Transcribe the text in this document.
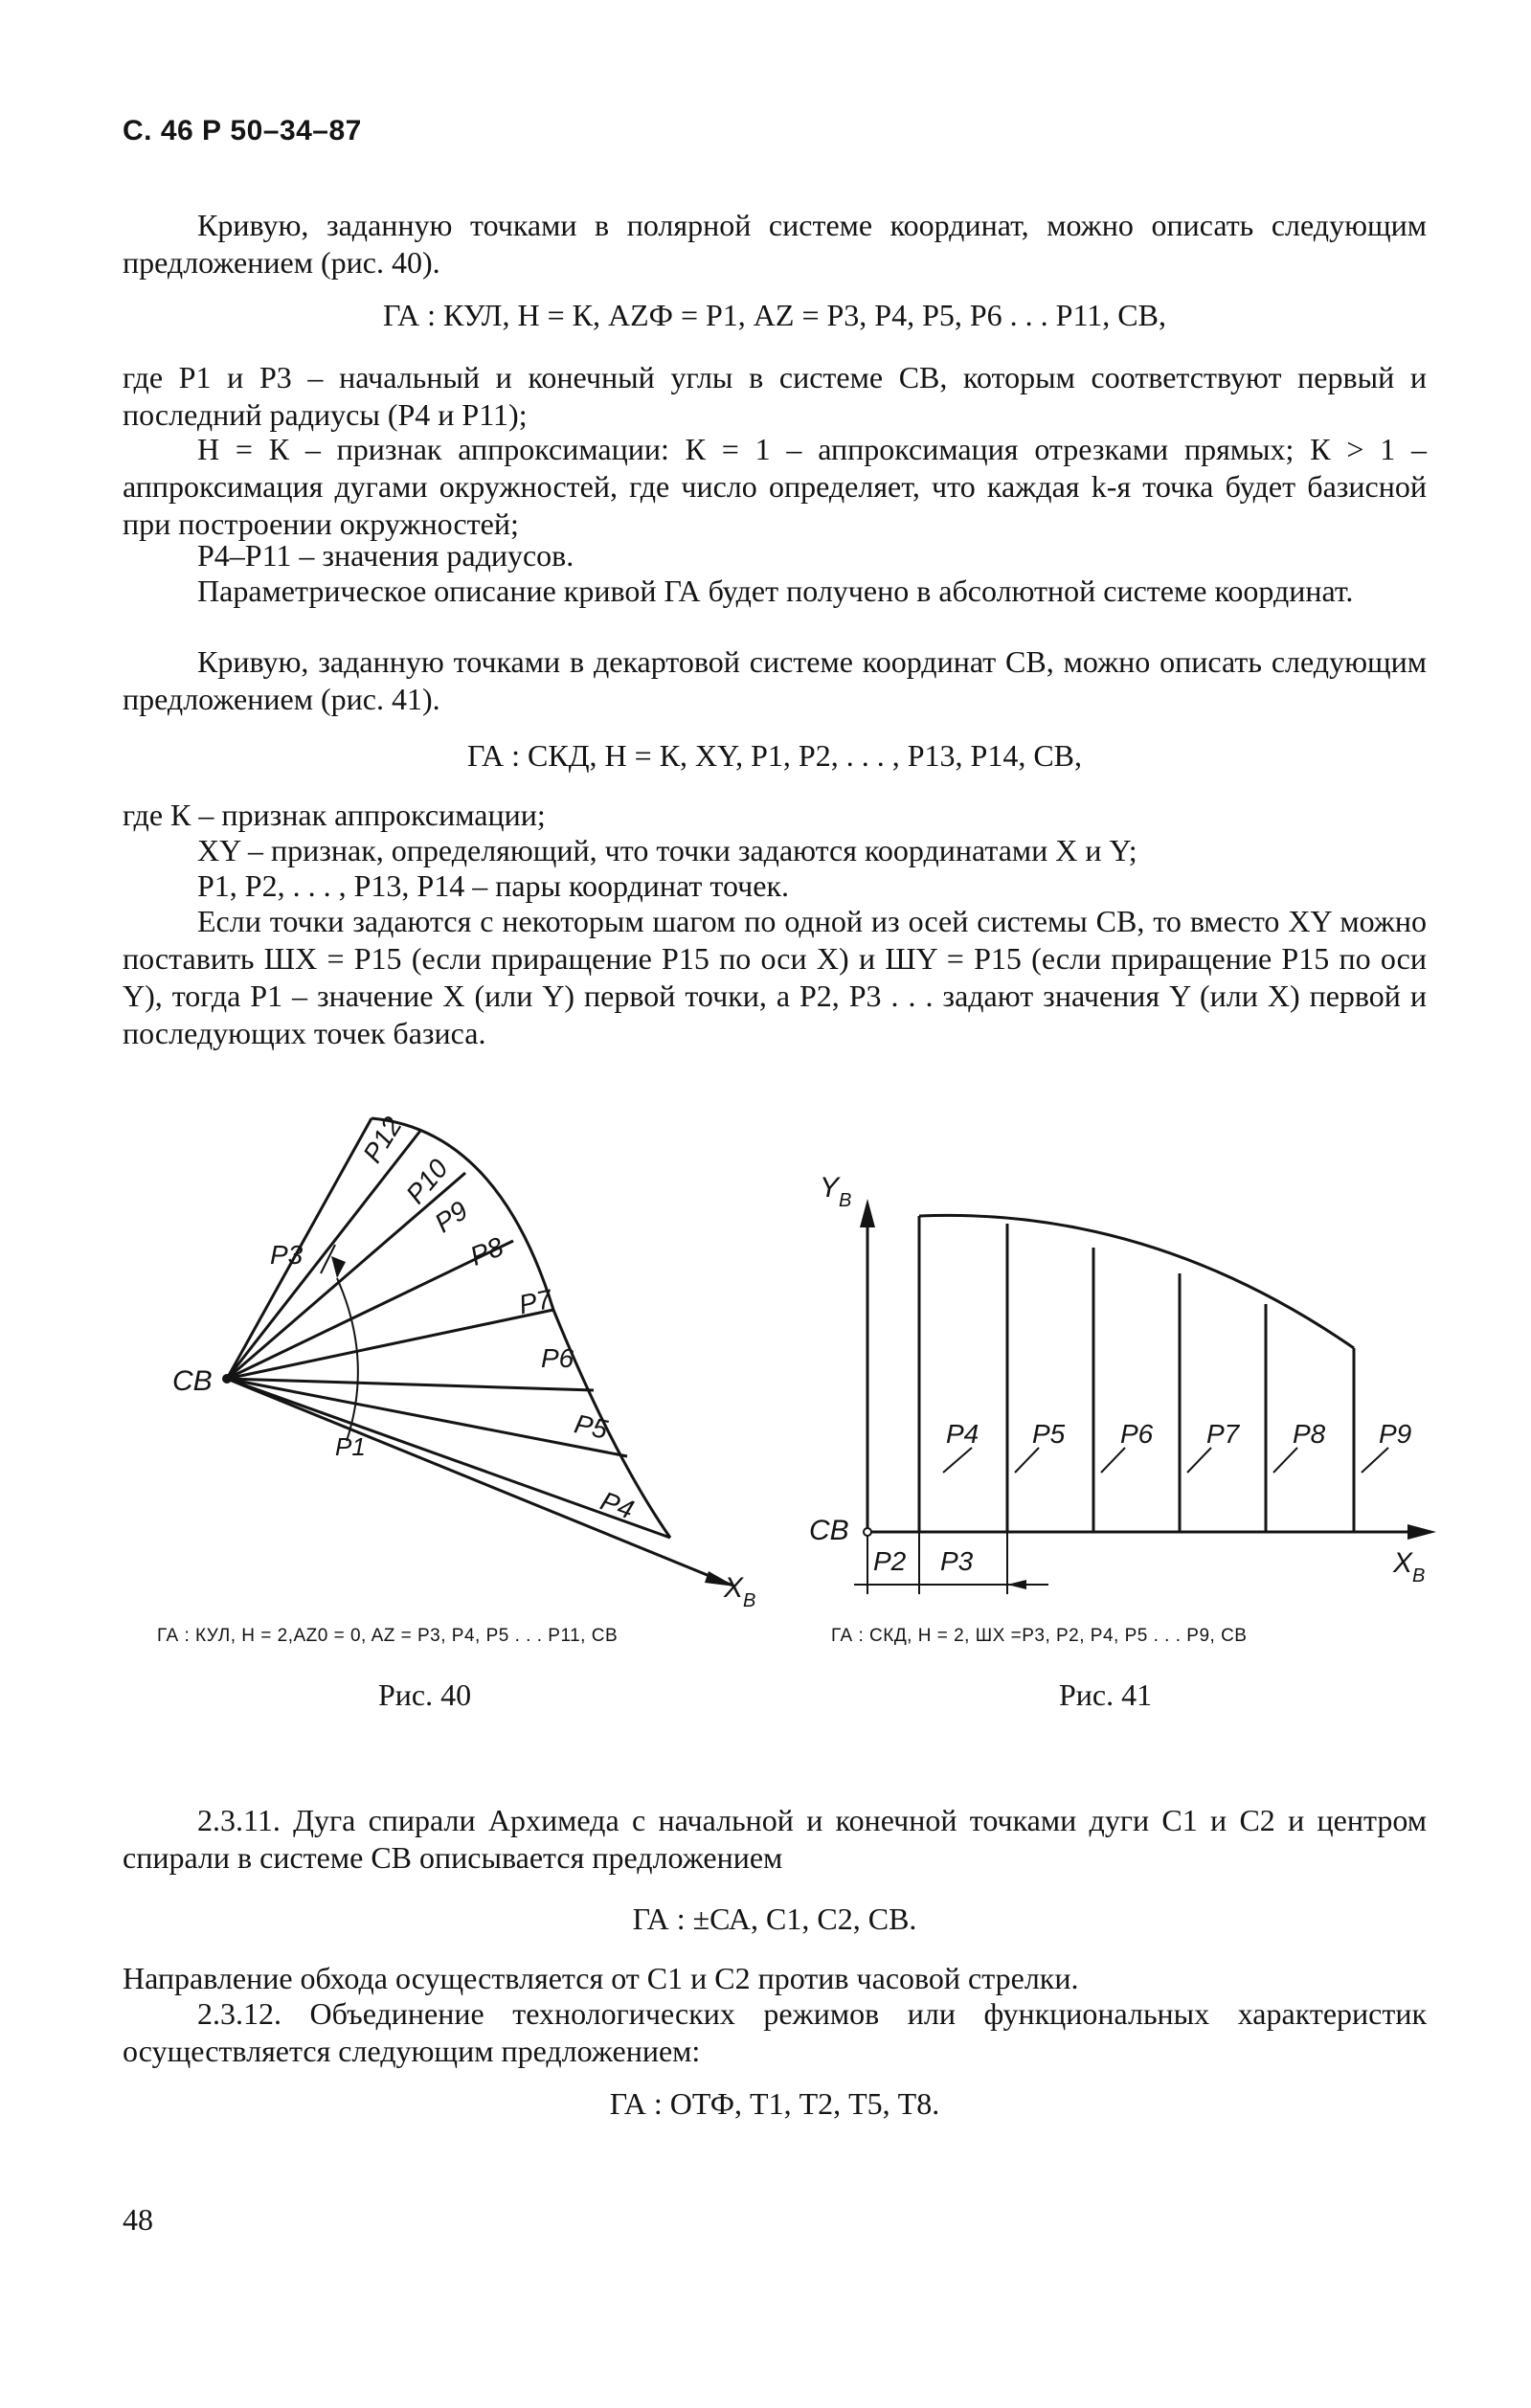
С. 46 Р 50–34–87
Кривую, заданную точками в полярной системе координат, можно описать следующим предложением (рис. 40).
ГА : КУЛ, Н = К, AZФ = Р1, AZ = Р3, Р4, Р5, Р6 . . . Р11, СВ,
где Р1 и Р3 – начальный и конечный углы в системе СВ, которым соответствуют первый и последний радиусы (Р4 и Р11);
Н = К – признак аппроксимации: К = 1 – аппроксимация отрезками прямых; К > 1 – аппроксимация дугами окружностей, где число определяет, что каждая k-я точка будет базисной при построении окружностей;
Р4–Р11 – значения радиусов.
Параметрическое описание кривой ГА будет получено в абсолютной системе координат.
Кривую, заданную точками в декартовой системе координат СВ, можно описать следующим предложением (рис. 41).
ГА : СКД, Н = К, XY, Р1, Р2, . . . , Р13, Р14, СВ,
где К – признак аппроксимации;
XY – признак, определяющий, что точки задаются координатами X и Y;
Р1, Р2, . . . , Р13, Р14 – пары координат точек.
Если точки задаются с некоторым шагом по одной из осей системы СВ, то вместо XY можно поставить ШХ = Р15 (если приращение Р15 по оси X) и ШY = Р15 (если приращение Р15 по оси Y), тогда Р1 – значение X (или Y) первой точки, а Р2, Р3 . . . задают значения Y (или X) первой и последующих точек базиса.
СВ
Р1
Р3
Р4
Р5
Р6
Р7
Р8
Р9
Р10
Р12
$X_В$
ГА : КУЛ, Н = 2,AZ0 = 0, AZ = Р3, Р4, Р5 . . . Р11, СВ
Рис. 40
$Y_В$
СВ
$X_В$
Р2 Р3
Р4 Р5 Р6 Р7 Р8 Р9
ГА : СКД, Н = 2, ШХ =Р3, Р2, Р4, Р5 . . . Р9, СВ
Рис. 41
2.3.11. Дуга спирали Архимеда с начальной и конечной точками дуги С1 и С2 и центром спирали в системе СВ описывается предложением
ГА : ±СА, С1, С2, СВ.
Направление обхода осуществляется от С1 и С2 против часовой стрелки.
2.3.12. Объединение технологических режимов или функциональных характеристик осуществляется следующим предложением:
ГА : ОТФ, Т1, Т2, Т5, Т8.
48
